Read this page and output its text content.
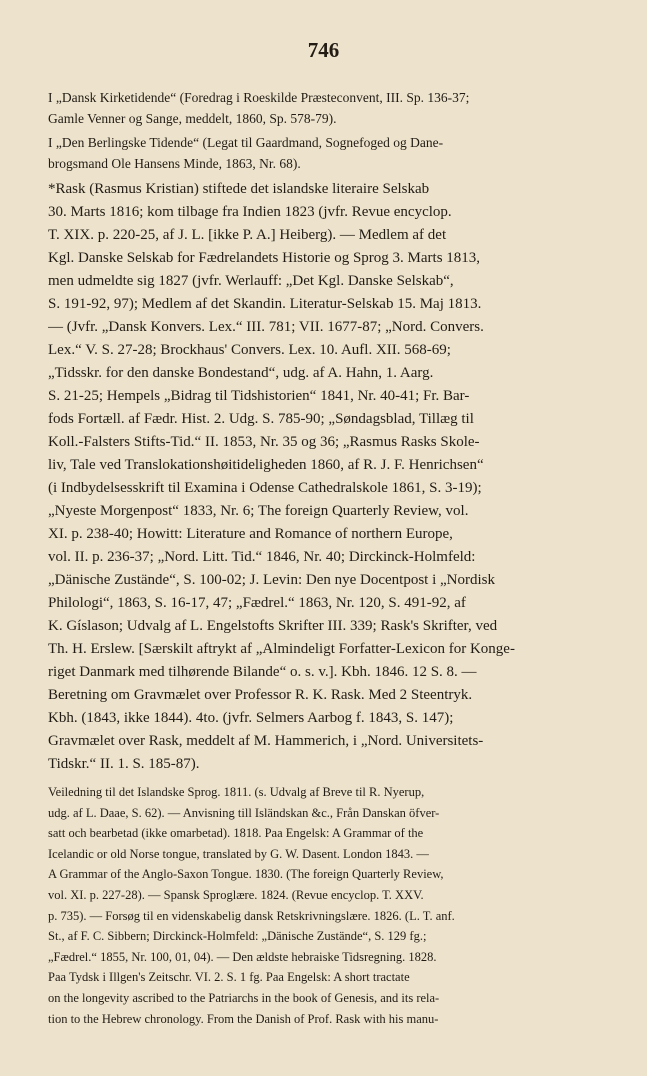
746
I „Dansk Kirketidende“ (Foredrag i Roeskilde Præsteconvent, III. Sp. 136-37;
Gamle Venner og Sange, meddelt, 1860, Sp. 578-79).
I „Den Berlingske Tidende“ (Legat til Gaardmand, Sognefoged og Dane-
brogsmand Ole Hansens Minde, 1863, Nr. 68).
*Rask (Rasmus Kristian) stiftede det islandske literaire Selskab
30. Marts 1816; kom tilbage fra Indien 1823 (jvfr. Revue encyclop.
T. XIX. p. 220-25, af J. L. [ikke P. A.] Heiberg). — Medlem af det
Kgl. Danske Selskab for Fædrelandets Historie og Sprog 3. Marts 1813,
men udmeldte sig 1827 (jvfr. Werlauff: „Det Kgl. Danske Selskab“,
S. 191-92, 97); Medlem af det Skandin. Literatur-Selskab 15. Maj 1813.
— (Jvfr. „Dansk Konvers. Lex.“ III. 781; VII. 1677-87; „Nord. Convers.
Lex.“ V. S. 27-28; Brockhaus' Convers. Lex. 10. Aufl. XII. 568-69;
„Tidsskr. for den danske Bondestand“, udg. af A. Hahn, 1. Aarg.
S. 21-25; Hempels „Bidrag til Tidshistorien“ 1841, Nr. 40-41; Fr. Bar-
fods Fortæll. af Fædr. Hist. 2. Udg. S. 785-90; „Søndagsblad, Tillæg til
Koll.-Falsters Stifts-Tid.“ II. 1853, Nr. 35 og 36; „Rasmus Rasks Skole-
liv, Tale ved Translokationshøitideligheden 1860, af R. J. F. Henrichsen“
(i Indbydelsesskrift til Examina i Odense Cathedralskole 1861, S. 3-19);
„Nyeste Morgenpost“ 1833, Nr. 6; The foreign Quarterly Review, vol.
XI. p. 238-40; Howitt: Literature and Romance of northern Europe,
vol. II. p. 236-37; „Nord. Litt. Tid.“ 1846, Nr. 40; Dirckinck-Holmfeld:
„Dänische Zustände“, S. 100-02; J. Levin: Den nye Docentpost i „Nordisk
Philologi“, 1863, S. 16-17, 47; „Fædrel.“ 1863, Nr. 120, S. 491-92, af
K. Gíslason; Udvalg af L. Engelstofts Skrifter III. 339; Rask's Skrifter, ved
Th. H. Erslew. [Særskilt aftrykt af „Almindeligt Forfatter-Lexicon for Konge-
riget Danmark med tilhørende Bilande“ o. s. v.]. Kbh. 1846. 12 S. 8. —
Beretning om Gravmælet over Professor R. K. Rask. Med 2 Steentryk.
Kbh. (1843, ikke 1844). 4to. (jvfr. Selmers Aarbog f. 1843, S. 147);
Gravmælet over Rask, meddelt af M. Hammerich, i „Nord. Universitets-
Tidskr.“ II. 1. S. 185-87).
Veiledning til det Islandske Sprog. 1811. (s. Udvalg af Breve til R. Nyerup,
udg. af L. Daae, S. 62). — Anvisning till Isländskan &c., Från Danskan öfver-
satt och bearbetad (ikke omarbetad). 1818. Paa Engelsk: A Grammar of the
Icelandic or old Norse tongue, translated by G. W. Dasent. London 1843. —
A Grammar of the Anglo-Saxon Tongue. 1830. (The foreign Quarterly Review,
vol. XI. p. 227-28). — Spansk Sproglære. 1824. (Revue encyclop. T. XXV.
p. 735). — Forsøg til en videnskabelig dansk Retskrivningslære. 1826. (L. T. anf.
St., af F. C. Sibbern; Dirckinck-Holmfeld: „Dänische Zustände“, S. 129 fg.;
„Fædrel.“ 1855, Nr. 100, 01, 04). — Den ældste hebraiske Tidsregning. 1828.
Paa Tydsk i Illgen's Zeitschr. VI. 2. S. 1 fg. Paa Engelsk: A short tractate
on the longevity ascribed to the Patriarchs in the book of Genesis, and its rela-
tion to the Hebrew chronology. From the Danish of Prof. Rask with his manu-
